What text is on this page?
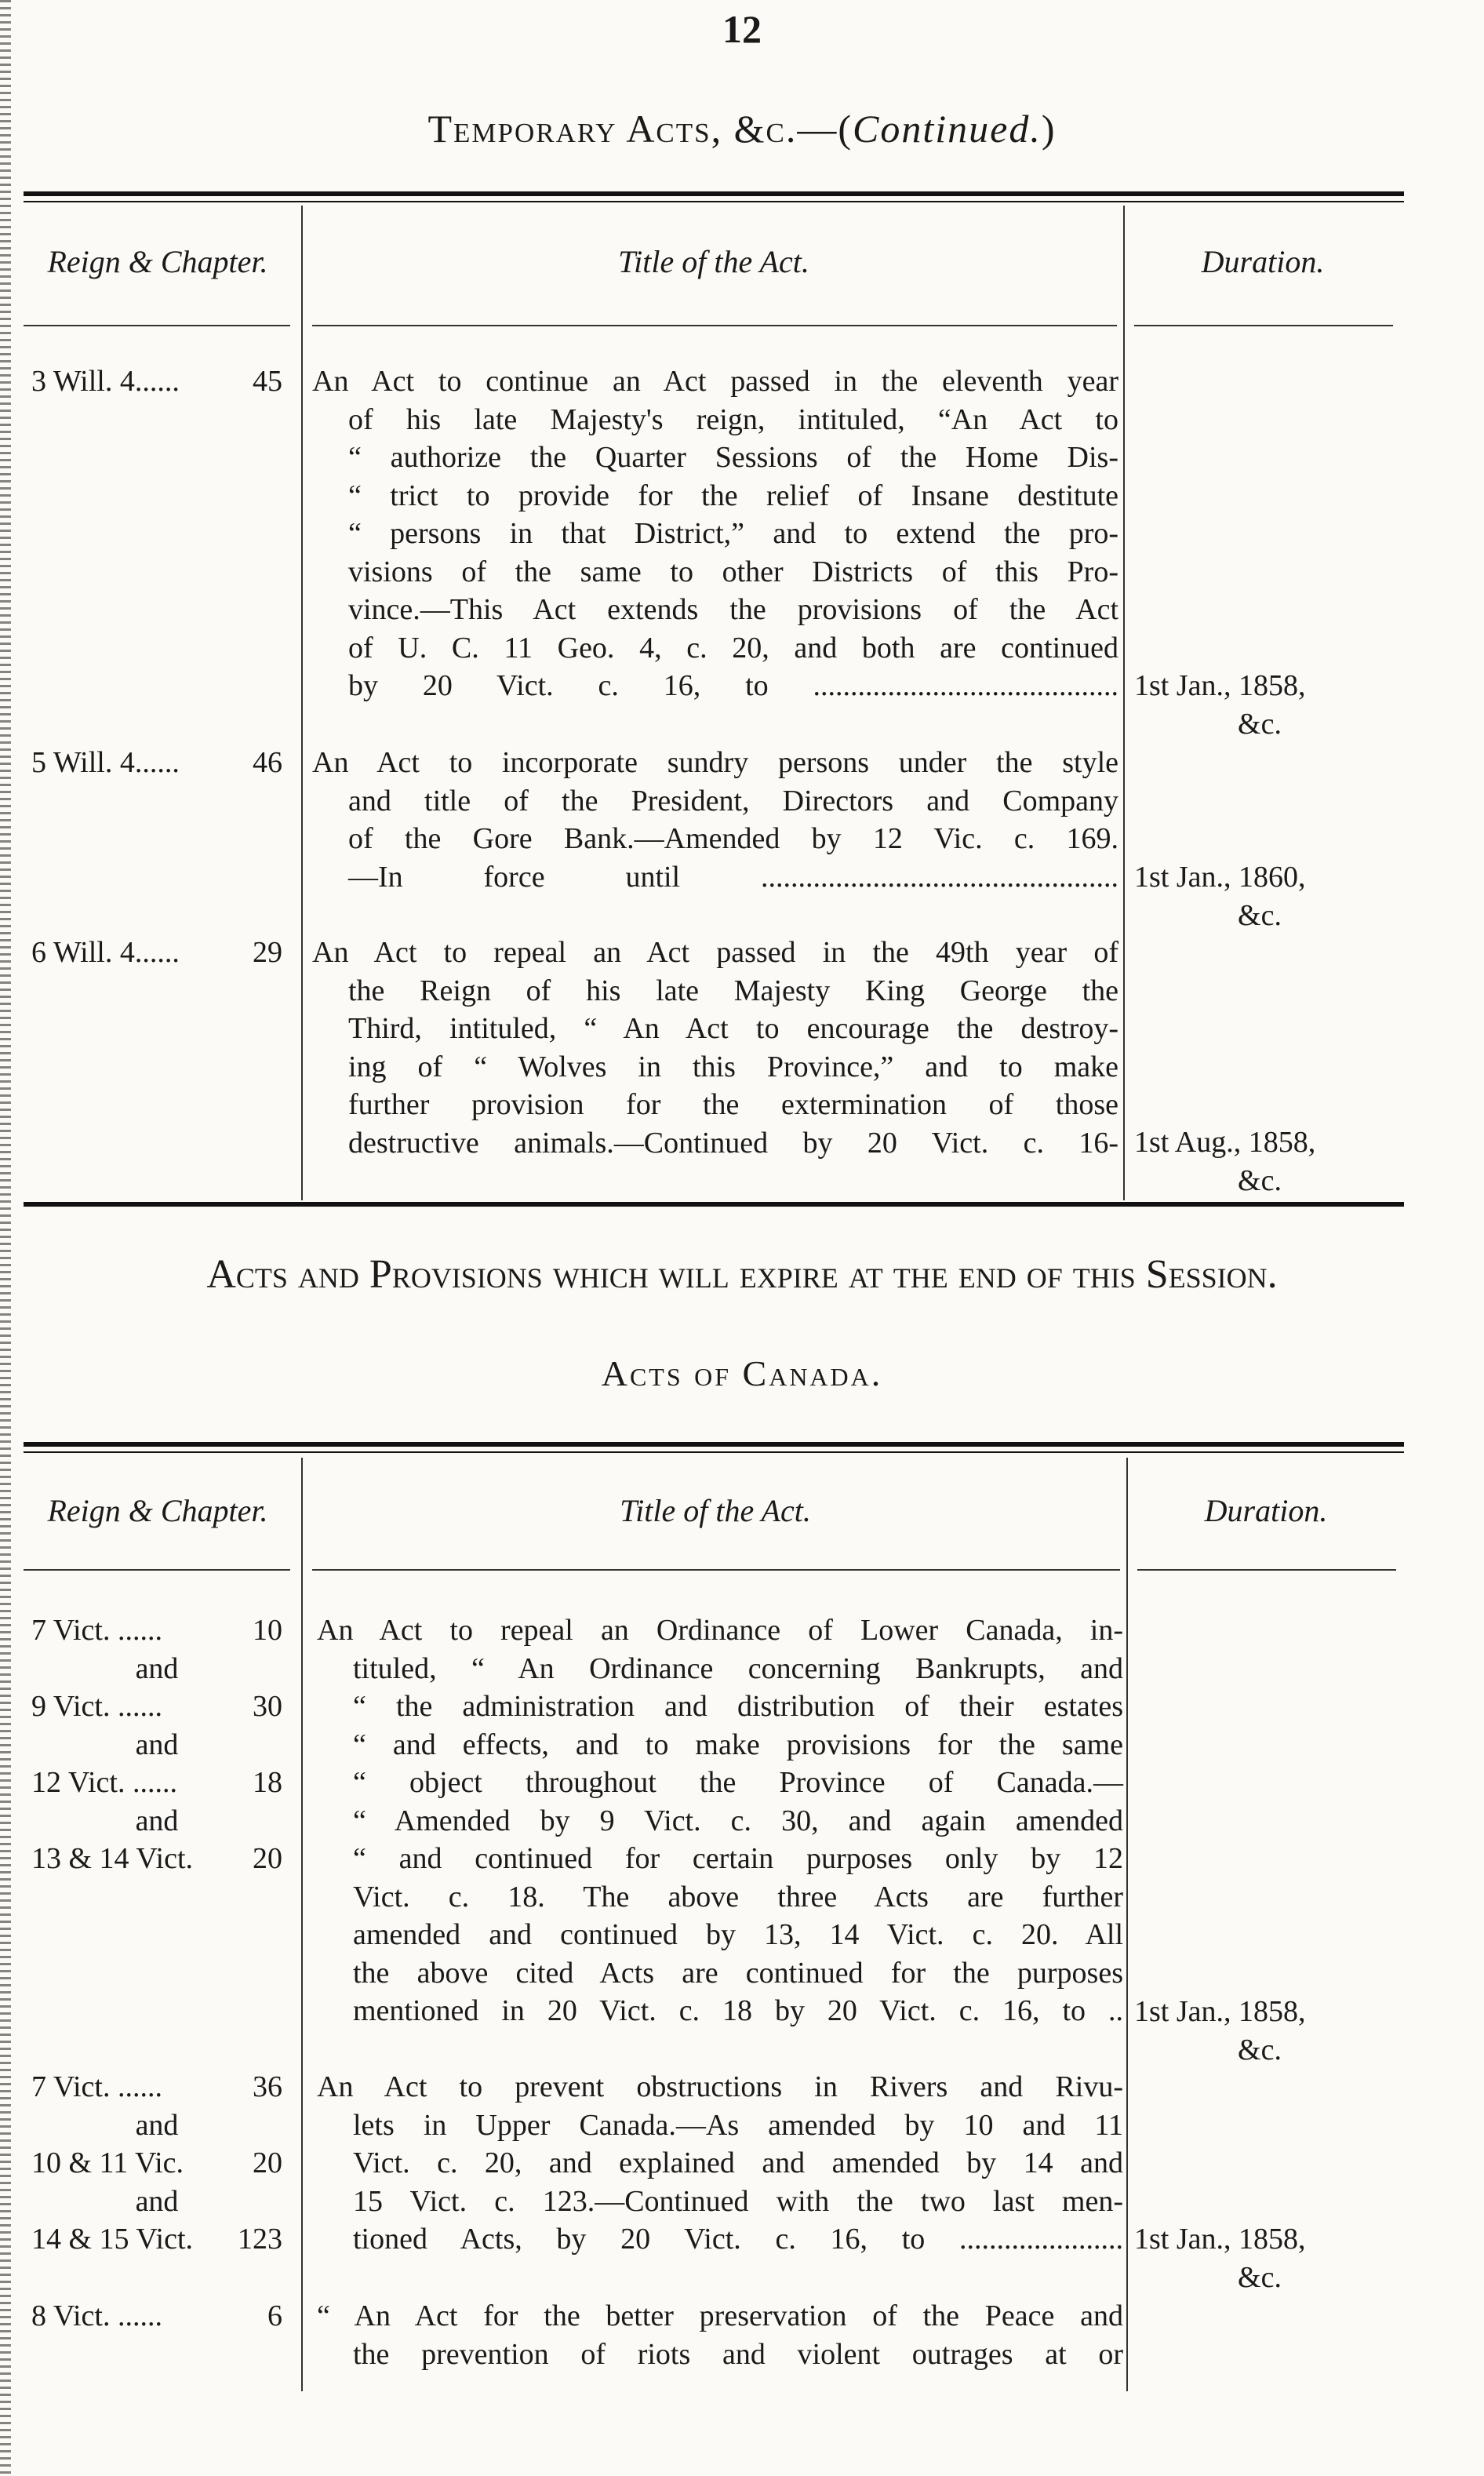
12
Temporary Acts, &c.—(Continued.)
Reign & Chapter.	Title of the Act.	Duration.
3 Will. 4...... 45 An Act to continue an Act passed in the eleventh year
of his late Majesty's reign, intituled, “An Act to
“ authorize the Quarter Sessions of the Home Dis-
“ trict to provide for the relief of Insane destitute
“ persons in that District,” and to extend the pro-
visions of the same to other Districts of this Pro-
vince.—This Act extends the provisions of the Act
of U. C. 11 Geo. 4, c. 20, and both are continued
by 20 Vict. c. 16, to ......................................... 1st Jan., 1858,
&c.
5 Will. 4...... 46 An Act to incorporate sundry persons under the style
and title of the President, Directors and Company
of the Gore Bank.—Amended by 12 Vic. c. 169.
—In force until ................................................ 1st Jan., 1860,
&c.
6 Will. 4...... 29 An Act to repeal an Act passed in the 49th year of
the Reign of his late Majesty King George the
Third, intituled, “ An Act to encourage the destroy-
ing of “ Wolves in this Province,” and to make
further provision for the extermination of those
destructive animals.—Continued by 20 Vict. c. 16- 1st Aug., 1858,
&c.
Acts and Provisions which will expire at the end of this Session.
Acts of Canada.
Reign & Chapter.	Title of the Act.	Duration.
7 Vict. ......	10
and
9 Vict. ......	30
and
12 Vict. ......	18
and
13 & 14 Vict. 20
An Act to repeal an Ordinance of Lower Canada, in-
tituled, “ An Ordinance concerning Bankrupts, and
“ the administration and distribution of their estates
“ and effects, and to make provisions for the same
“ object throughout the Province of Canada.—
“ Amended by 9 Vict. c. 30, and again amended
“ and continued for certain purposes only by 12
Vict. c. 18. The above three Acts are further
amended and continued by 13, 14 Vict. c. 20. All
the above cited Acts are continued for the purposes
mentioned in 20 Vict. c. 18 by 20 Vict. c. 16, to .. 1st Jan., 1858,
&c.
7 Vict. ......	36
and
10 & 11 Vic. 20
and
14 & 15 Vict. 123
An Act to prevent obstructions in Rivers and Rivu-
lets in Upper Canada.—As amended by 10 and 11
Vict. c. 20, and explained and amended by 14 and
15 Vict. c. 123.—Continued with the two last men-
tioned Acts, by 20 Vict. c. 16, to ...................... 1st Jan., 1858,
&c.
8 Vict. ......	6 “ An Act for the better preservation of the Peace and
the prevention of riots and violent outrages at or
